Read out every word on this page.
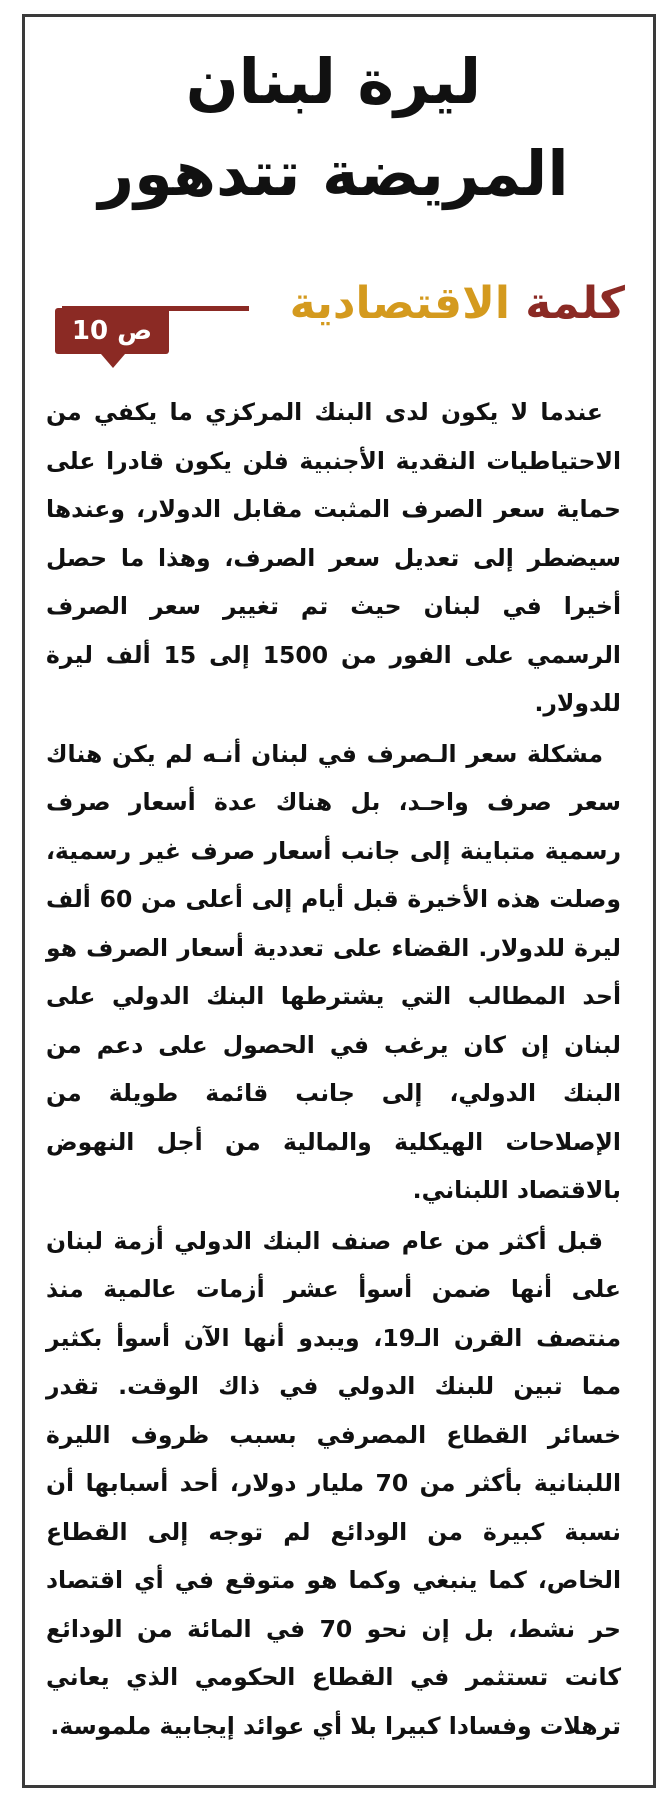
ليرة لبنان
المريضة تتدهور
كلمة الاقتصادية
ص 10

عندما لا يكون لدى البنك المركزي ما يكفي من الاحتياطيات النقدية الأجنبية فلن يكون قادرا على حماية سعر الصرف المثبت مقابل الدولار، وعندها سيضطر إلى تعديل سعر الصرف، وهذا ما حصل أخيرا في لبنان حيث تم تغيير سعر الصرف الرسمي على الفور من 1500 إلى 15 ألف ليرة للدولار.

مشكلة سعر الـصرف في لبنان أنـه لم يكن هناك سعر صرف واحـد، بل هناك عدة أسعار صرف رسمية متباينة إلى جانب أسعار صرف غير رسمية، وصلت هذه الأخيرة قبل أيام إلى أعلى من 60 ألف ليرة للدولار. القضاء على تعددية أسعار الصرف هو أحد المطالب التي يشترطها البنك الدولي على لبنان إن كان يرغب في الحصول على دعم من البنك الدولي، إلى جانب قائمة طويلة من الإصلاحات الهيكلية والمالية من أجل النهوض بالاقتصاد اللبناني.

قبل أكثر من عام صنف البنك الدولي أزمة لبنان على أنها ضمن أسوأ عشر أزمات عالمية منذ منتصف القرن الـ19، ويبدو أنها الآن أسوأ بكثير مما تبين للبنك الدولي في ذاك الوقت. تقدر خسائر القطاع المصرفي بسبب ظروف الليرة اللبنانية بأكثر من 70 مليار دولار، أحد أسبابها أن نسبة كبيرة من الودائع لم توجه إلى القطاع الخاص، كما ينبغي وكما هو متوقع في أي اقتصاد حر نشط، بل إن نحو 70 في المائة من الودائع كانت تستثمر في القطاع الحكومي الذي يعاني ترهلات وفسادا كبيرا بلا أي عوائد إيجابية ملموسة.
